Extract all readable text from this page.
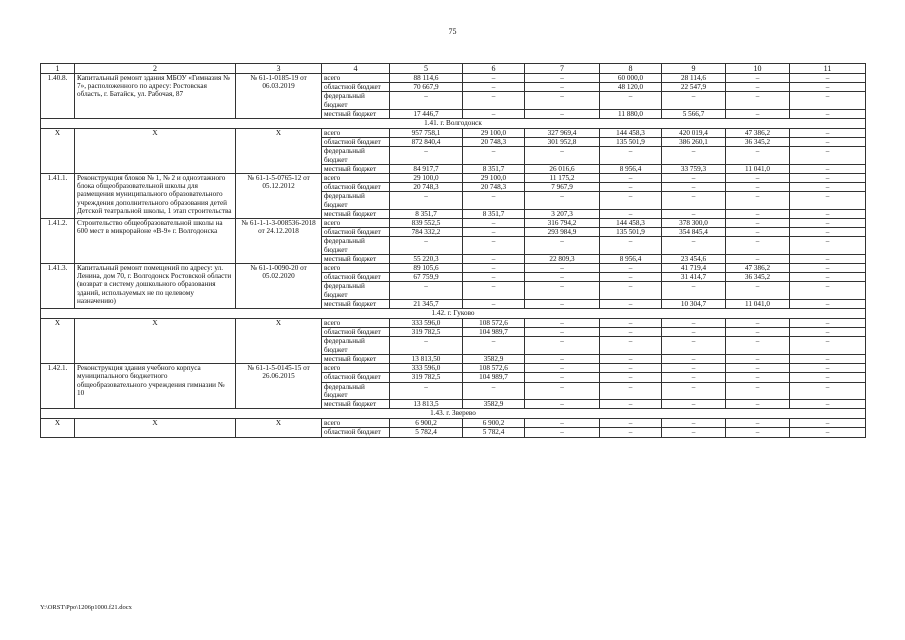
75
1	2	3	4	5	6	7	8	9	10	11
1.40.8.	Капитальный ремонт здания МБОУ «Гимназия № 7», расположенного по адресу: Ростовская область, г. Батайск, ул. Рабочая, 87	№ 61-1-0185-19 от 06.03.2019	всего	88 114,6	–	–	60 000,0	28 114,6	–	–
			областной бюджет	70 667,9	–	–	48 120,0	22 547,9	–	–
			федеральный бюджет	–	–	–	–	–	–	–
			местный бюджет	17 446,7	–	–	11 880,0	5 566,7	–	–
1.41. г. Волгодонск										
Х	Х	Х	всего	957 758,1	29 100,0	327 969,4	144 458,3	420 019,4	47 386,2	–
			областной бюджет	872 840,4	20 748,3	301 952,8	135 501,9	386 260,1	36 345,2	–
			федеральный бюджет	–	–	–	–	–	–	–
			местный бюджет	84 917,7	8 351,7	26 016,6	8 956,4	33 759,3	11 041,0	–
1.41.1.	Реконструкция блоков № 1, № 2 и одноэтажного блока общеобразовательной школы для размещения муниципального образовательного учреждения дополнительного образования детей Детской театральной школы, 1 этап строительства	№ 61-1-5-0765-12 от 05.12.2012	всего	29 100,0	29 100,0	11 175,2	–	–	–	–
			областной бюджет	20 748,3	20 748,3	7 967,9	–	–	–	–
			федеральный бюджет	–	–	–	–	–	–	–
			местный бюджет	8 351,7	8 351,7	3 207,3	–	–	–	–
1.41.2.	Строительство общеобразовательной школы на 600 мест в микрорайоне «В-9» г. Волгодонска	№ 61-1-1-3-008536-2018 от 24.12.2018	всего	839 552,5	–	316 794,2	144 458,3	378 300,0	–	–
			областной бюджет	784 332,2	–	293 984,9	135 501,9	354 845,4	–	–
			федеральный бюджет	–	–	–	–	–	–	–
			местный бюджет	55 220,3	–	22 809,3	8 956,4	23 454,6	–	–
1.41.3.	Капитальный ремонт помещений по адресу: ул. Ленина, дом 70, г. Волгодонск Ростовской области (возврат в систему дошкольного образования зданий, используемых не по целевому назначению)	№ 61-1-0090-20 от 05.02.2020	всего	89 105,6	–	–	–	41 719,4	47 386,2	–
			областной бюджет	67 759,9	–	–	–	31 414,7	36 345,2	–
			федеральный бюджет	–	–	–	–	–	–	–
			местный бюджет	21 345,7	–	–	–	10 304,7	11 041,0	–
1.42. г. Гуково										
Х	Х	Х	всего	333 596,0	108 572,6	–	–	–	–	–
			областной бюджет	319 782,5	104 989,7	–	–	–	–	–
			федеральный бюджет	–	–	–	–	–	–	–
			местный бюджет	13 813,50	3582,9	–	–	–	–	–
1.42.1.	Реконструкция здания учебного корпуса муниципального бюджетного общеобразовательного учреждения гимназии № 10	№ 61-1-5-0145-15 от 26.06.2015	всего	333 596,0	108 572,6	–	–	–	–	–
			областной бюджет	319 782,5	104 989,7	–	–	–	–	–
			федеральный бюджет	–	–	–	–	–	–	–
			местный бюджет	13 813,5	3582,9	–	–	–	–	–
1.43. г. Зверево										
Х	Х	Х	всего	6 900,2	6 900,2	–	–	–	–	–
			областной бюджет	5 782,4	5 782,4	–	–	–	–	–
Y:\ORST\Ppo\1206p1000.f21.docx
